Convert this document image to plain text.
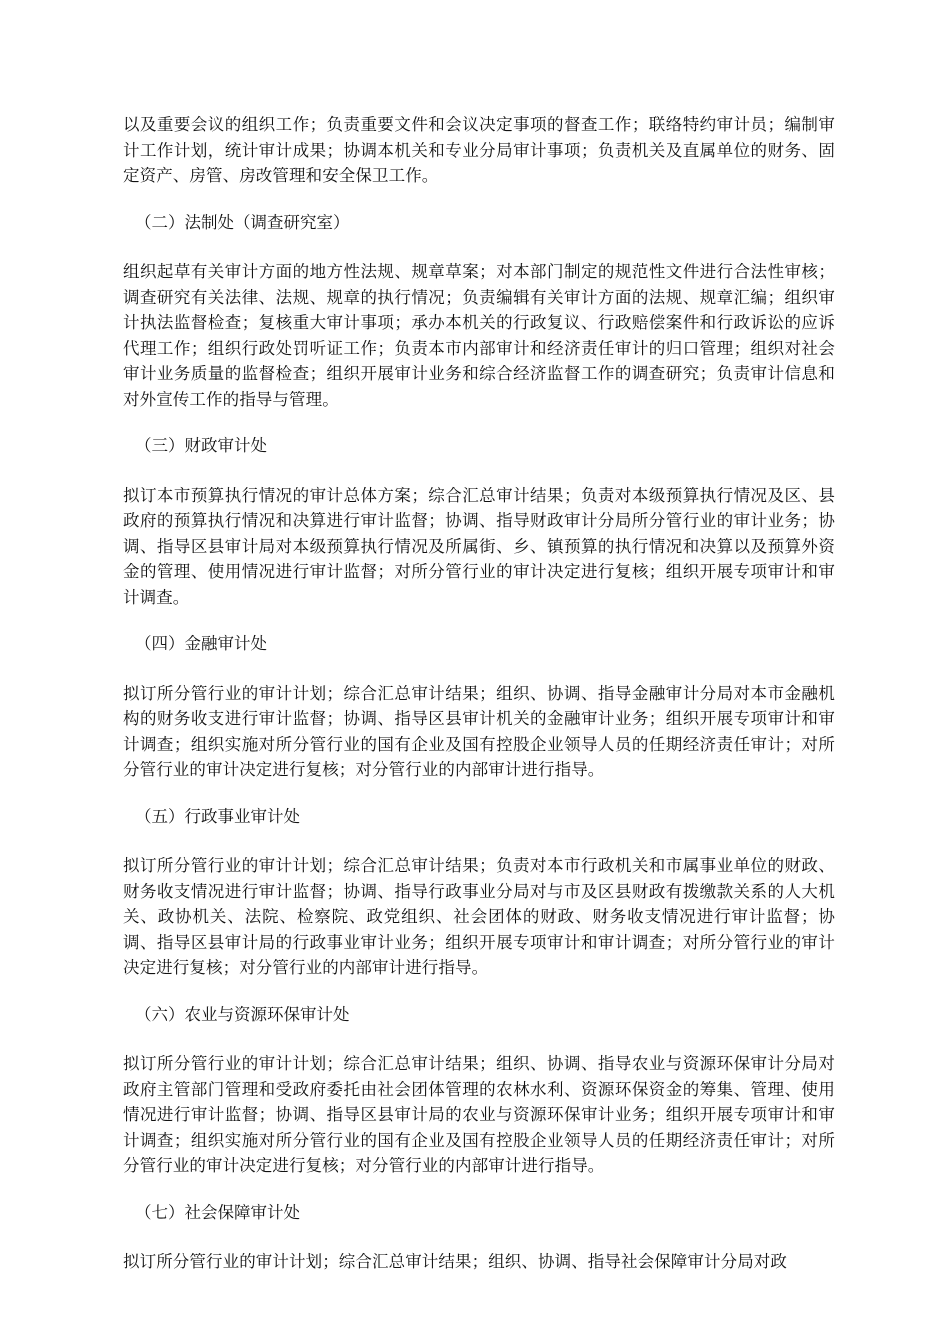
以及重要会议的组织工作；负责重要文件和会议决定事项的督查工作；联络特约审计员；编制审计工作计划，统计审计成果；协调本机关和专业分局审计事项；负责机关及直属单位的财务、固定资产、房管、房改管理和安全保卫工作。

（二）法制处（调查研究室）

组织起草有关审计方面的地方性法规、规章草案；对本部门制定的规范性文件进行合法性审核；调查研究有关法律、法规、规章的执行情况；负责编辑有关审计方面的法规、规章汇编；组织审计执法监督检查；复核重大审计事项；承办本机关的行政复议、行政赔偿案件和行政诉讼的应诉代理工作；组织行政处罚听证工作；负责本市内部审计和经济责任审计的归口管理；组织对社会审计业务质量的监督检查；组织开展审计业务和综合经济监督工作的调查研究；负责审计信息和对外宣传工作的指导与管理。

（三）财政审计处

拟订本市预算执行情况的审计总体方案；综合汇总审计结果；负责对本级预算执行情况及区、县政府的预算执行情况和决算进行审计监督；协调、指导财政审计分局所分管行业的审计业务；协调、指导区县审计局对本级预算执行情况及所属街、乡、镇预算的执行情况和决算以及预算外资金的管理、使用情况进行审计监督；对所分管行业的审计决定进行复核；组织开展专项审计和审计调查。

（四）金融审计处

拟订所分管行业的审计计划；综合汇总审计结果；组织、协调、指导金融审计分局对本市金融机构的财务收支进行审计监督；协调、指导区县审计机关的金融审计业务；组织开展专项审计和审计调查；组织实施对所分管行业的国有企业及国有控股企业领导人员的任期经济责任审计；对所分管行业的审计决定进行复核；对分管行业的内部审计进行指导。

（五）行政事业审计处

拟订所分管行业的审计计划；综合汇总审计结果；负责对本市行政机关和市属事业单位的财政、财务收支情况进行审计监督；协调、指导行政事业分局对与市及区县财政有拨缴款关系的人大机关、政协机关、法院、检察院、政党组织、社会团体的财政、财务收支情况进行审计监督；协调、指导区县审计局的行政事业审计业务；组织开展专项审计和审计调查；对所分管行业的审计决定进行复核；对分管行业的内部审计进行指导。

（六）农业与资源环保审计处

拟订所分管行业的审计计划；综合汇总审计结果；组织、协调、指导农业与资源环保审计分局对政府主管部门管理和受政府委托由社会团体管理的农林水利、资源环保资金的筹集、管理、使用情况进行审计监督；协调、指导区县审计局的农业与资源环保审计业务；组织开展专项审计和审计调查；组织实施对所分管行业的国有企业及国有控股企业领导人员的任期经济责任审计；对所分管行业的审计决定进行复核；对分管行业的内部审计进行指导。

（七）社会保障审计处

拟订所分管行业的审计计划；综合汇总审计结果；组织、协调、指导社会保障审计分局对政
